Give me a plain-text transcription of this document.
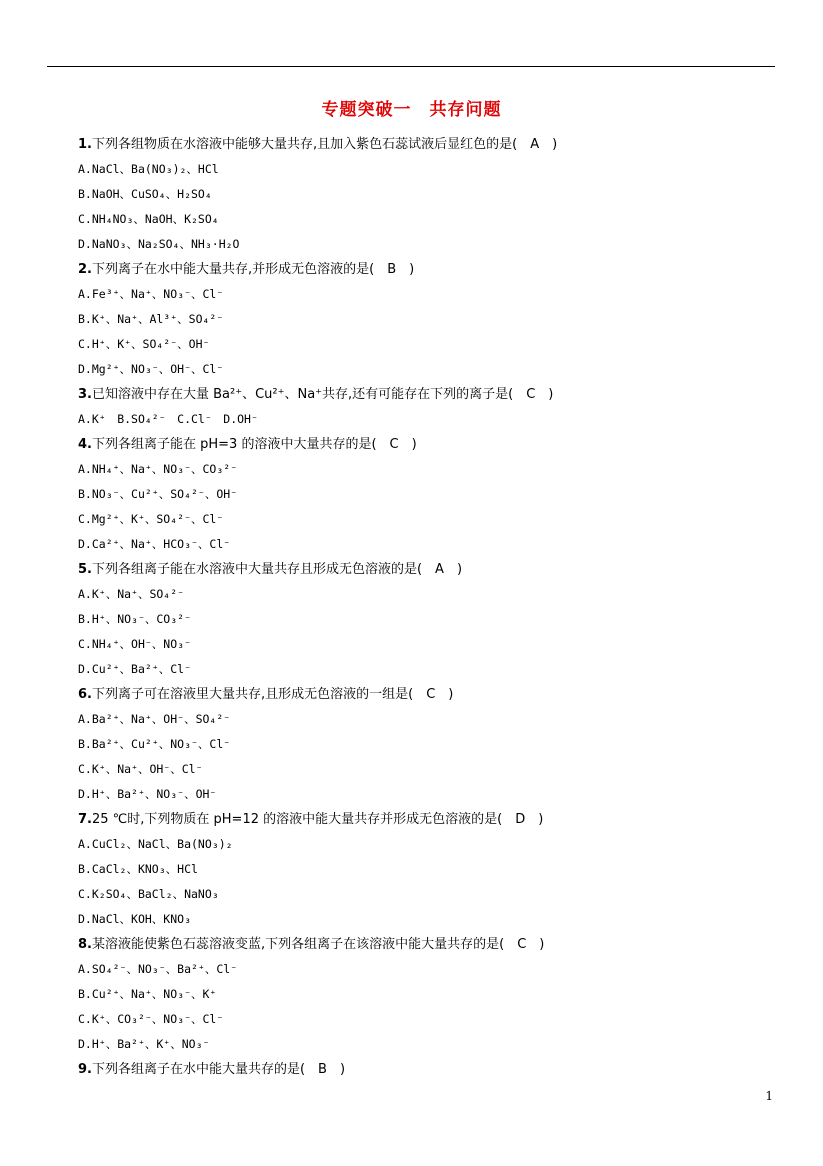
专题突破一　共存问题
1.下列各组物质在水溶液中能够大量共存,且加入紫色石蕊试液后显红色的是(　A　)
A.NaCl、Ba(NO₃)₂、HCl
B.NaOH、CuSO₄、H₂SO₄
C.NH₄NO₃、NaOH、K₂SO₄
D.NaNO₃、Na₂SO₄、NH₃·H₂O
2.下列离子在水中能大量共存,并形成无色溶液的是(　B　)
A.Fe³⁺、Na⁺、NO₃⁻、Cl⁻
B.K⁺、Na⁺、Al³⁺、SO₄²⁻
C.H⁺、K⁺、SO₄²⁻、OH⁻
D.Mg²⁺、NO₃⁻、OH⁻、Cl⁻
3.已知溶液中存在大量 Ba²⁺、Cu²⁺、Na⁺共存,还有可能存在下列的离子是(　C　)
A.K⁺　B.SO₄²⁻　C.Cl⁻　D.OH⁻
4.下列各组离子能在 pH=3 的溶液中大量共存的是(　C　)
A.NH₄⁺、Na⁺、NO₃⁻、CO₃²⁻
B.NO₃⁻、Cu²⁺、SO₄²⁻、OH⁻
C.Mg²⁺、K⁺、SO₄²⁻、Cl⁻
D.Ca²⁺、Na⁺、HCO₃⁻、Cl⁻
5.下列各组离子能在水溶液中大量共存且形成无色溶液的是(　A　)
A.K⁺、Na⁺、SO₄²⁻
B.H⁺、NO₃⁻、CO₃²⁻
C.NH₄⁺、OH⁻、NO₃⁻
D.Cu²⁺、Ba²⁺、Cl⁻
6.下列离子可在溶液里大量共存,且形成无色溶液的一组是(　C　)
A.Ba²⁺、Na⁺、OH⁻、SO₄²⁻
B.Ba²⁺、Cu²⁺、NO₃⁻、Cl⁻
C.K⁺、Na⁺、OH⁻、Cl⁻
D.H⁺、Ba²⁺、NO₃⁻、OH⁻
7.25 ℃时,下列物质在 pH=12 的溶液中能大量共存并形成无色溶液的是(　D　)
A.CuCl₂、NaCl、Ba(NO₃)₂
B.CaCl₂、KNO₃、HCl
C.K₂SO₄、BaCl₂、NaNO₃
D.NaCl、KOH、KNO₃
8.某溶液能使紫色石蕊溶液变蓝,下列各组离子在该溶液中能大量共存的是(　C　)
A.SO₄²⁻、NO₃⁻、Ba²⁺、Cl⁻
B.Cu²⁺、Na⁺、NO₃⁻、K⁺
C.K⁺、CO₃²⁻、NO₃⁻、Cl⁻
D.H⁺、Ba²⁺、K⁺、NO₃⁻
9.下列各组离子在水中能大量共存的是(　B　)
1
